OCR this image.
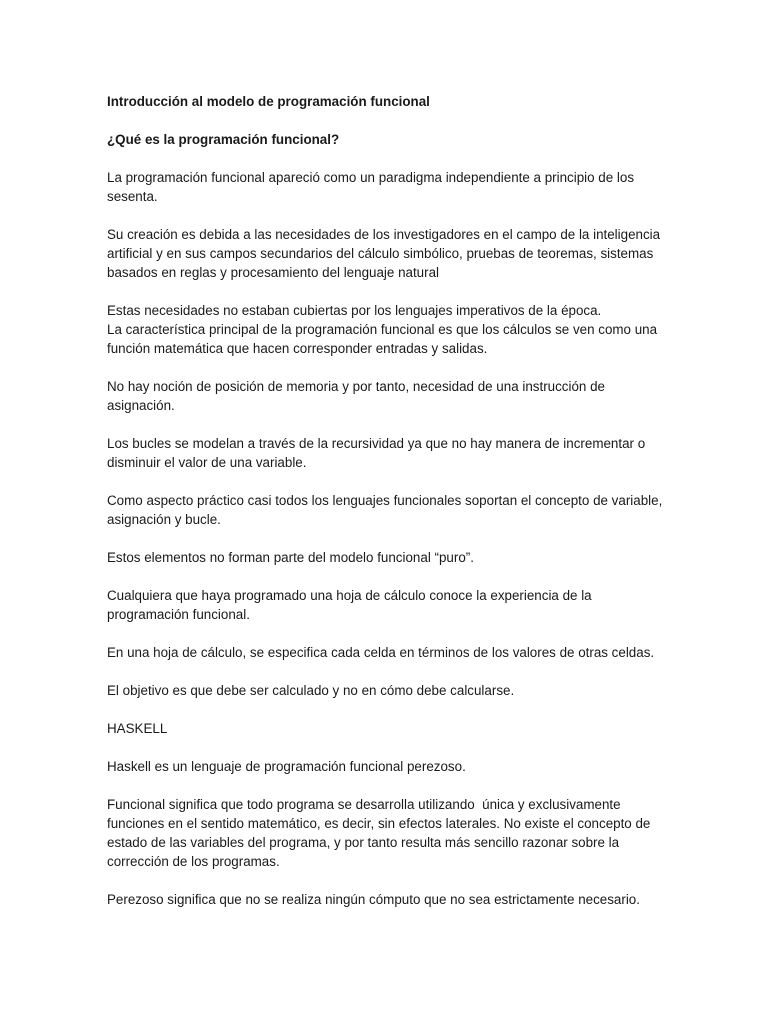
Introducción al modelo de programación funcional

¿Qué es la programación funcional?

La programación funcional apareció como un paradigma independiente a principio de los sesenta.

Su creación es debida a las necesidades de los investigadores en el campo de la inteligencia artificial y en sus campos secundarios del cálculo simbólico, pruebas de teoremas, sistemas basados en reglas y procesamiento del lenguaje natural

Estas necesidades no estaban cubiertas por los lenguajes imperativos de la época.
La característica principal de la programación funcional es que los cálculos se ven como una función matemática que hacen corresponder entradas y salidas.

No hay noción de posición de memoria y por tanto, necesidad de una instrucción de asignación.

Los bucles se modelan a través de la recursividad ya que no hay manera de incrementar o disminuir el valor de una variable.

Como aspecto práctico casi todos los lenguajes funcionales soportan el concepto de variable, asignación y bucle.

Estos elementos no forman parte del modelo funcional “puro”.

Cualquiera que haya programado una hoja de cálculo conoce la experiencia de la programación funcional.

En una hoja de cálculo, se especifica cada celda en términos de los valores de otras celdas.

El objetivo es que debe ser calculado y no en cómo debe calcularse.

HASKELL

Haskell es un lenguaje de programación funcional perezoso.

Funcional significa que todo programa se desarrolla utilizando  única y exclusivamente funciones en el sentido matemático, es decir, sin efectos laterales. No existe el concepto de estado de las variables del programa, y por tanto resulta más sencillo razonar sobre la corrección de los programas.

Perezoso significa que no se realiza ningún cómputo que no sea estrictamente necesario.
